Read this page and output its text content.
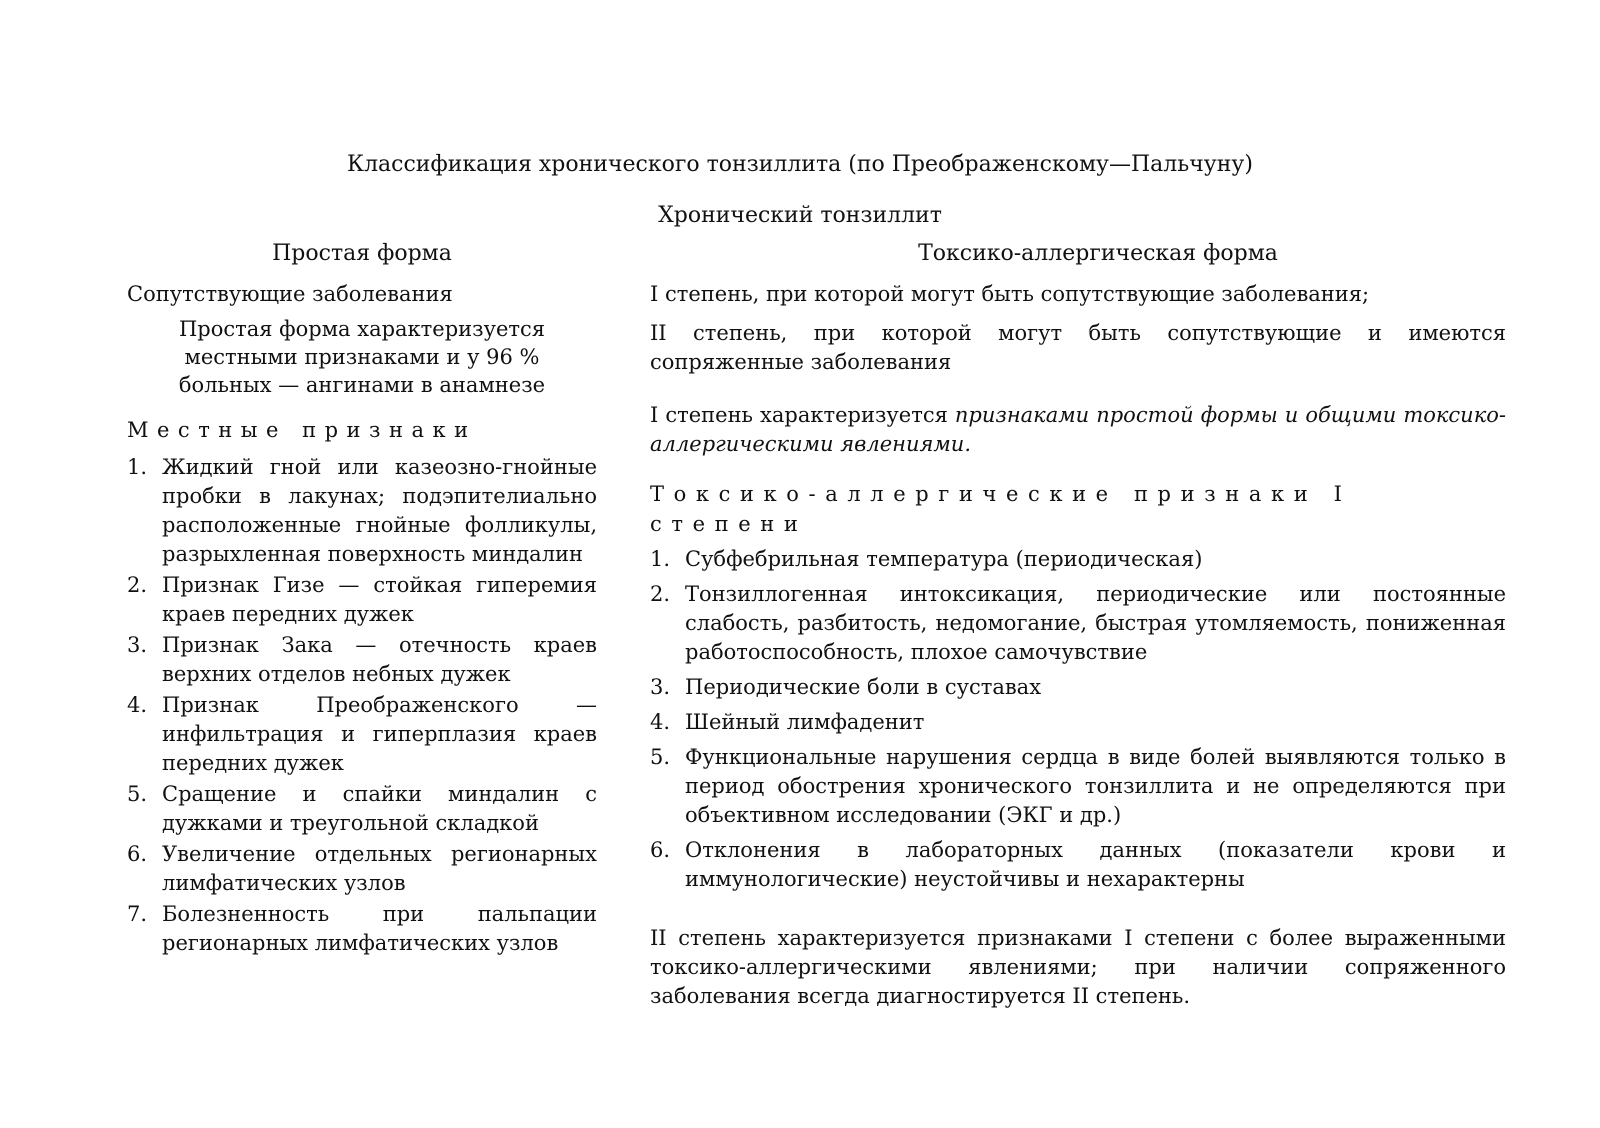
Классификация хронического тонзиллита (по Преображенскому—Пальчуну)
Хронический тонзиллит
Простая форма
Сопутствующие заболевания
Простая форма характеризуется местными признаками и у 96 % больных — ангинами в анамнезе
Местные признаки
1. Жидкий гной или казеозно-гнойные пробки в лакунах; подэпителиально расположенные гнойные фолликулы, разрыхленная поверхность миндалин
2. Признак Гизе — стойкая гиперемия краев передних дужек
3. Признак Зака — отечность краев верхних отделов небных дужек
4. Признак Преображенского — инфильтрация и гиперплазия краев передних дужек
5. Сращение и спайки миндалин с дужками и треугольной складкой
6. Увеличение отдельных регионарных лимфатических узлов
7. Болезненность при пальпации регионарных лимфатических узлов
Токсико-аллергическая форма
I степень, при которой могут быть сопутствующие заболевания;
II степень, при которой могут быть сопутствующие и имеются сопряженные заболевания
I степень характеризуется признаками простой формы и общими токсико-аллергическими явлениями.
Токсико-аллергические признаки I степени
1. Субфебрильная температура (периодическая)
2. Тонзиллогенная интоксикация, периодические или постоянные слабость, разбитость, недомогание, быстрая утомляемость, пониженная работоспособность, плохое самочувствие
3. Периодические боли в суставах
4. Шейный лимфаденит
5. Функциональные нарушения сердца в виде болей выявляются только в период обострения хронического тонзиллита и не определяются при объективном исследовании (ЭКГ и др.)
6. Отклонения в лабораторных данных (показатели крови и иммунологические) неустойчивы и нехарактерны
II степень характеризуется признаками I степени с более выраженными токсико-аллергическими явлениями; при наличии сопряженного заболевания всегда диагностируется II степень.
